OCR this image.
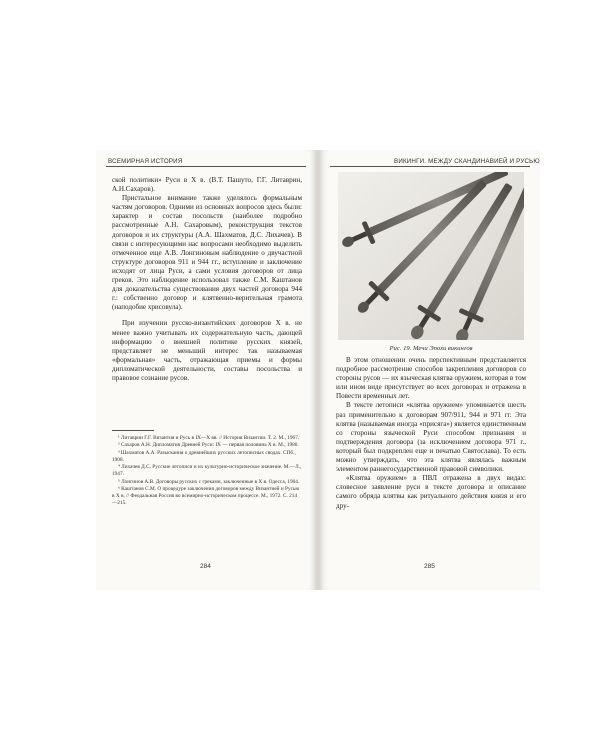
ВСЕМИРНАЯ ИСТОРИЯ

ской политики» Руси в X в. (В.Т. Пашуто, Г.Г. Литаврин, А.Н.Сахаров).

Пристальное внимание также уделялось формальным частям договоров. Одними из основных вопросов здесь были: характер и состав посольств (наиболее подробно рассмотренные А.Н. Сахаровым), реконструкция текстов договоров и их структуры (А.А. Шахматов, Д.С. Лихачев). В связи с интересующими нас вопросами необходимо выделить отмеченное еще А.В. Лонгиновым наблюдение о двучастной структуре договоров 911 и 944 гг., вступление и заключение исходят от лица Руси, а сами условия договоров от лица греков. Это наблюдение использовал также С.М. Каштанов для доказательства существования двух частей договора 944 г.: собственно договор и клятвенно-верительная грамота (наподобие хрисовула).

При изучении русско-византийских договоров X в. не менее важно учитывать их содержательную часть, дающей информацию о внешней политике русских князей, представляет не меньший интерес так называемая «формальная» часть, отражающая приемы и формы дипломатической деятельности, составы посольства и правовое сознание русов.

¹ Литаврин Г.Г. Византия и Русь в IX—X вв. // История Византии. Т. 2. М., 1967.

² Сахаров А.Н. Дипломатия Древней Руси: IX — первая половина X в. М., 1980.

³ Шахматов А.А. Разыскания о древнейших русских летописных сводах. СПб., 1908.

⁴ Лихачев Д.С. Русские летописи и их культурно-историческое значение. М.—Л., 1947.

⁵ Лонгинов А.В. Договоры русских с греками, заключенные в X в. Одесса, 1904.

⁶ Каштанов С.М. О процедуре заключения договоров между Византией и Русью в X в. // Феодальная Россия во всемирно-историческом процессе. М., 1972. С. 214—215.

284
ВИКИНГИ. МЕЖДУ СКАНДИНАВИЕЙ И РУСЬЮ
Рис. 19. Мечи Эпохи викингов

В этом отношении очень перспективным представляется подробное рассмотрение способов закрепления договоров со стороны русов — их языческая клятва оружием, которая в том или ином виде присутствует во всех договорах и отражена в Повести временных лет.

В тексте летописи «клятва оружием» упоминается шесть раз применительно к договорам 907/911, 944 и 971 гг. Эта клятва (называемая иногда «присяга») является единственным со стороны языческой Руси способом признания и подтверждения договора (за исключением договора 971 г., который был подкреплен еще и печатью Святослава). То есть можно утверждать, что эта клятва являлась важным элементом раннегосударственной правовой символики.

«Клятва оружием» в ПВЛ отражена в двух видах: словесное заявление руси в тексте договора и описание самого обряда клятвы как ритуального действия князя и его дру-

285
